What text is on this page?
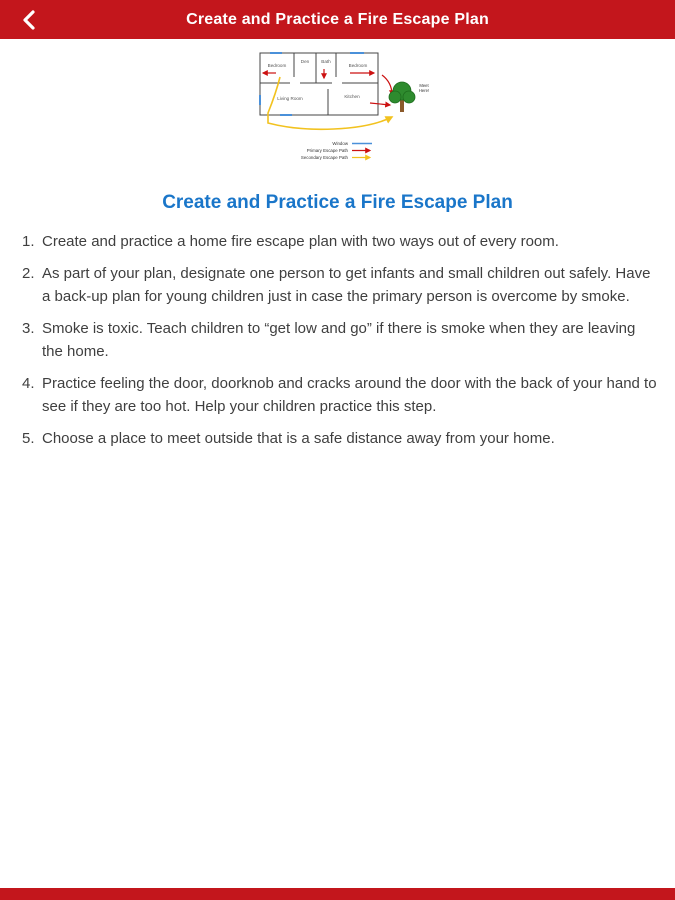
Create and Practice a Fire Escape Plan
Bedroom
Den	Bath
Bedroom
Living Room	Kitchen
Meet
Here!
Window
Primary Escape Path
Secondary Escape Path
Create and Practice a Fire Escape Plan
1. Create and practice a home fire escape plan with two ways out of every room.
2. As part of your plan, designate one person to get infants and small children out safely. Have a back-up plan for young children just in case the primary person is overcome by smoke.
3. Smoke is toxic. Teach children to “get low and go” if there is smoke when they are leaving the home.
4. Practice feeling the door, doorknob and cracks around the door with the back of your hand to see if they are too hot. Help your children practice this step.
5. Choose a place to meet outside that is a safe distance away from your home.
